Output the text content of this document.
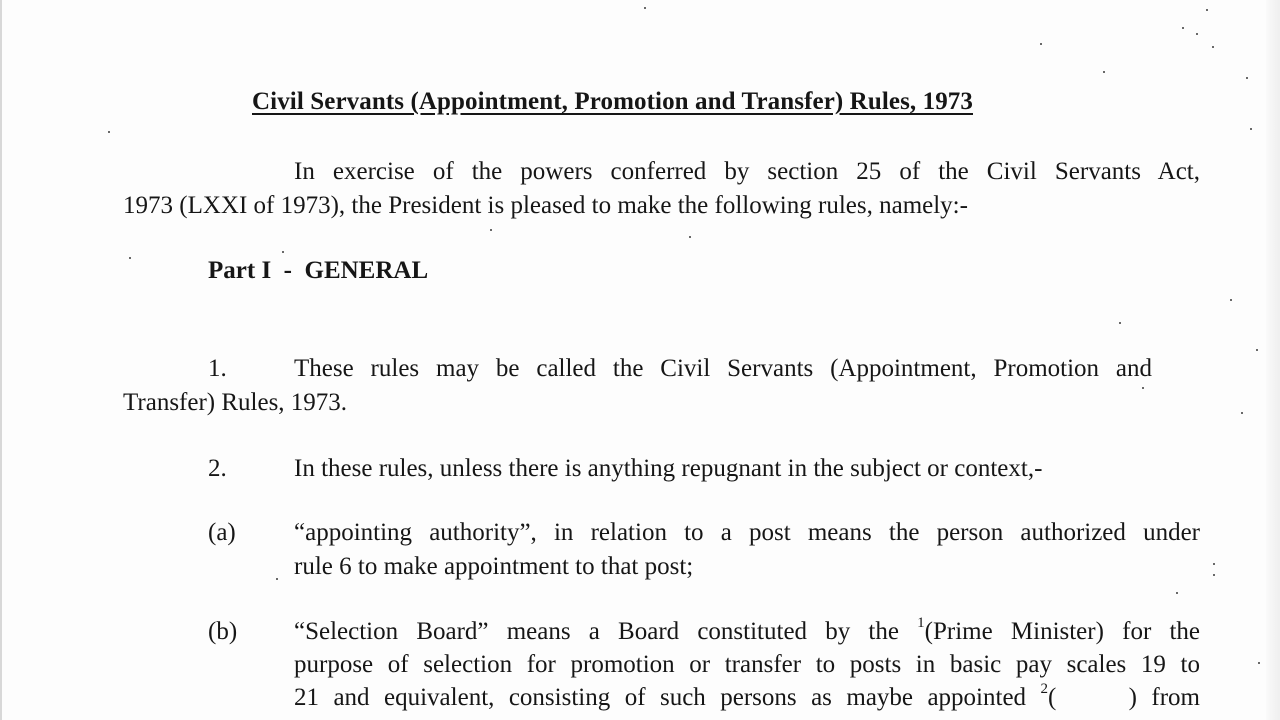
Civil Servants (Appointment, Promotion and Transfer) Rules, 1973
In exercise of the powers conferred by section 25 of the Civil Servants Act,
1973 (LXXI of 1973), the President is pleased to make the following rules, namely:-
Part I  -  GENERAL
1.	These rules may be called the Civil Servants (Appointment, Promotion and
Transfer) Rules, 1973.
2.	In these rules, unless there is anything repugnant in the subject or context,-
(a) “appointing authority”, in relation to a post means the person authorized under
rule 6 to make appointment to that post;
(b) “Selection Board” means a Board constituted by the $^1$(Prime Minister) for the
purpose of selection for promotion or transfer to posts in basic pay scales 19 to
21 and equivalent, consisting of such persons as maybe appointed $^2$(     ) from
